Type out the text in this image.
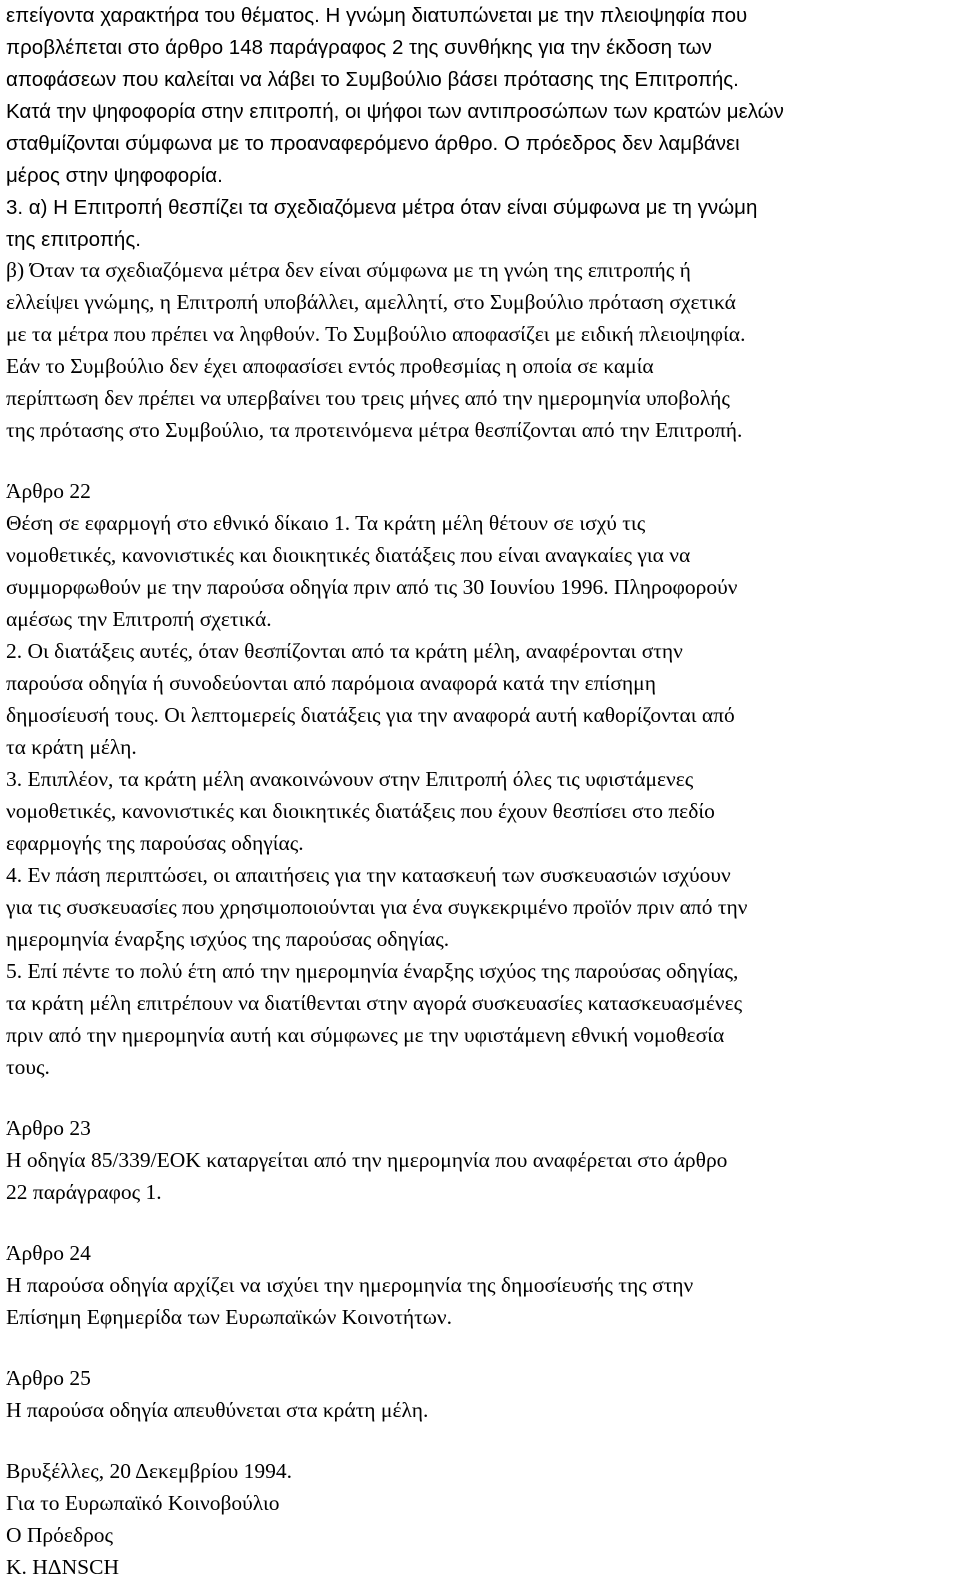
επείγοντα χαρακτήρα του θέματος. Η γνώμη διατυπώνεται με την πλειοψηφία που
προβλέπεται στο άρθρο 148 παράγραφος 2 της συνθήκης για την έκδοση των
αποφάσεων που καλείται να λάβει το Συμβούλιο βάσει πρότασης της Επιτροπής.
Κατά την ψηφοφορία στην επιτροπή, οι ψήφοι των αντιπροσώπων των κρατών μελών
σταθμίζονται σύμφωνα με το προαναφερόμενο άρθρο. Ο πρόεδρος δεν λαμβάνει
μέρος στην ψηφοφορία.
3. α) Η Επιτροπή θεσπίζει τα σχεδιαζόμενα μέτρα όταν είναι σύμφωνα με τη γνώμη
της επιτροπής.
β) Όταν τα σχεδιαζόμενα μέτρα δεν είναι σύμφωνα με τη γνώη της επιτροπής ή
ελλείψει γνώμης, η Επιτροπή υποβάλλει, αμελλητί, στο Συμβούλιο πρόταση σχετικά
με τα μέτρα που πρέπει να ληφθούν. Το Συμβούλιο αποφασίζει με ειδική πλειοψηφία.
Εάν το Συμβούλιο δεν έχει αποφασίσει εντός προθεσμίας η οποία σε καμία
περίπτωση δεν πρέπει να υπερβαίνει του τρεις μήνες από την ημερομηνία υποβολής
της πρότασης στο Συμβούλιο, τα προτεινόμενα μέτρα θεσπίζονται από την Επιτροπή.
Άρθρο 22
Θέση σε εφαρμογή στο εθνικό δίκαιο 1. Τα κράτη μέλη θέτουν σε ισχύ τις
νομοθετικές, κανονιστικές και διοικητικές διατάξεις που είναι αναγκαίες για να
συμμορφωθούν με την παρούσα οδηγία πριν από τις 30 Ιουνίου 1996. Πληροφορούν
αμέσως την Επιτροπή σχετικά.
2. Οι διατάξεις αυτές, όταν θεσπίζονται από τα κράτη μέλη, αναφέρονται στην
παρούσα οδηγία ή συνοδεύονται από παρόμοια αναφορά κατά την επίσημη
δημοσίευσή τους. Οι λεπτομερείς διατάξεις για την αναφορά αυτή καθορίζονται από
τα κράτη μέλη.
3. Επιπλέον, τα κράτη μέλη ανακοινώνουν στην Επιτροπή όλες τις υφιστάμενες
νομοθετικές, κανονιστικές και διοικητικές διατάξεις που έχουν θεσπίσει στο πεδίο
εφαρμογής της παρούσας οδηγίας.
4. Εν πάση περιπτώσει, οι απαιτήσεις για την κατασκευή των συσκευασιών ισχύουν
για τις συσκευασίες που χρησιμοποιούνται για ένα συγκεκριμένο προϊόν πριν από την
ημερομηνία έναρξης ισχύος της παρούσας οδηγίας.
5. Επί πέντε το πολύ έτη από την ημερομηνία έναρξης ισχύος της παρούσας οδηγίας,
τα κράτη μέλη επιτρέπουν να διατίθενται στην αγορά συσκευασίες κατασκευασμένες
πριν από την ημερομηνία αυτή και σύμφωνες με την υφιστάμενη εθνική νομοθεσία
τους.
Άρθρο 23
Η οδηγία 85/339/ΕΟΚ καταργείται από την ημερομηνία που αναφέρεται στο άρθρο
22 παράγραφος 1.
Άρθρο 24
Η παρούσα οδηγία αρχίζει να ισχύει την ημερομηνία της δημοσίευσής της στην
Επίσημη Εφημερίδα των Ευρωπαϊκών Κοινοτήτων.
Άρθρο 25
Η παρούσα οδηγία απευθύνεται στα κράτη μέλη.
Βρυξέλλες, 20 Δεκεμβρίου 1994.
Για το Ευρωπαϊκό Κοινοβούλιο
Ο Πρόεδρος
Κ. ΗΔΝSCH
